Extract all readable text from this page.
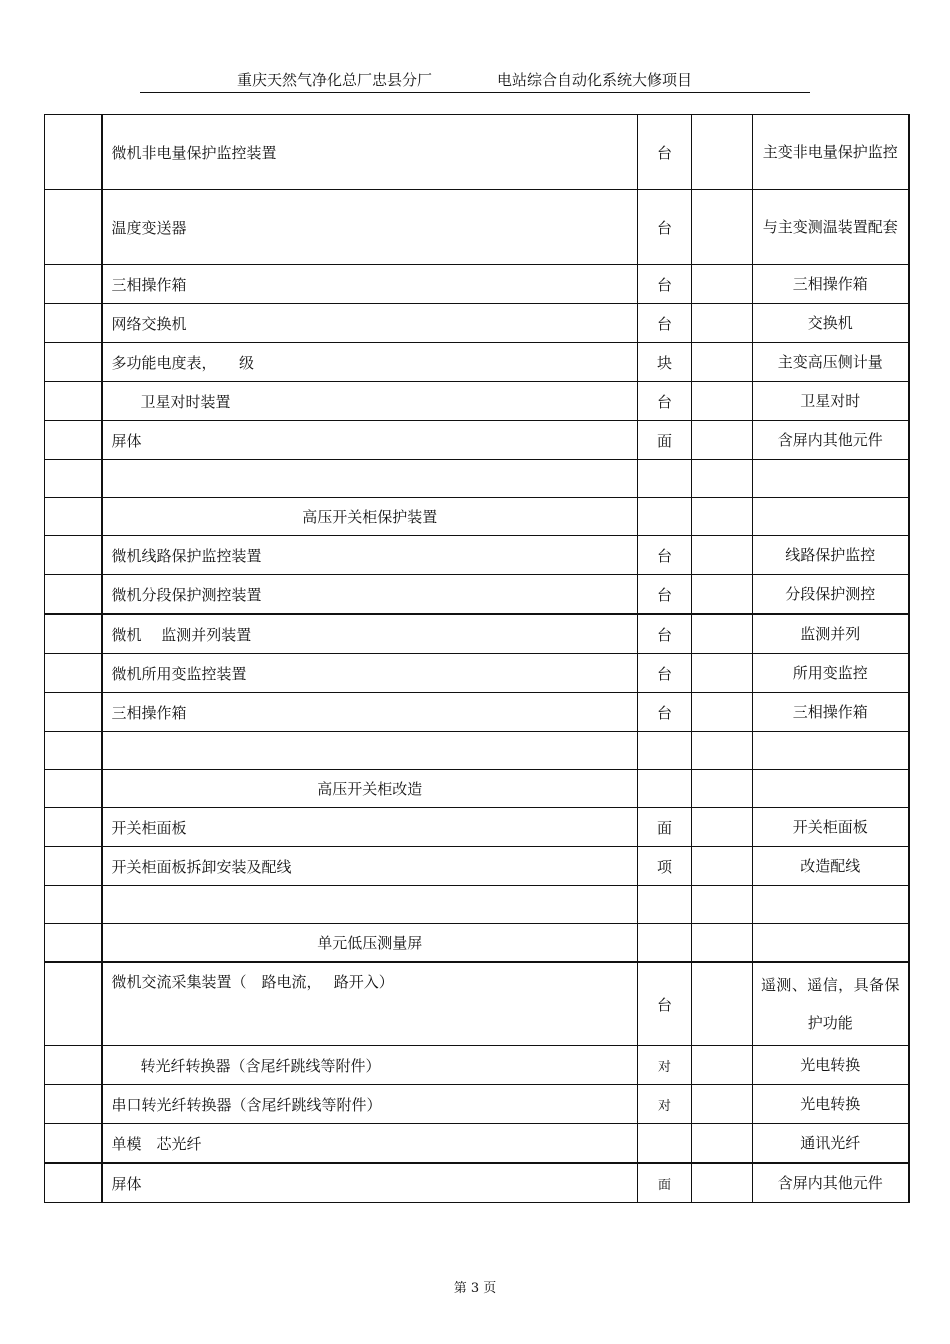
重庆天然气净化总厂忠县分厂	电站综合自动化系统大修项目
	微机非电量保护监控装置	台		主变非电量保护监控
	温度变送器	台		与主变测温装置配套
	三相操作箱	台		三相操作箱
	网络交换机	台		交换机
	多功能电度表，　　级	块		主变高压侧计量
	卫星对时装置	台		卫星对时
	屏体	面		含屏内其他元件

	高压开关柜保护装置			
	微机线路保护监控装置	台		线路保护监控
	微机分段保护测控装置	台		分段保护测控
	微机　 监测并列装置	台		监测并列
	微机所用变监控装置	台		所用变监控
	三相操作箱	台		三相操作箱

	高压开关柜改造			
	开关柜面板	面		开关柜面板
	开关柜面板拆卸安装及配线	项		改造配线

	单元低压测量屏			
	微机交流采集装置（　路电流，　 路开入）	台		遥测、遥信，具备保护功能
	转光纤转换器（含尾纤跳线等附件）	对		光电转换
	串口转光纤转换器（含尾纤跳线等附件）	对		光电转换
	单模　芯光纤			通讯光纤
	屏体	面		含屏内其他元件
第 3 页
